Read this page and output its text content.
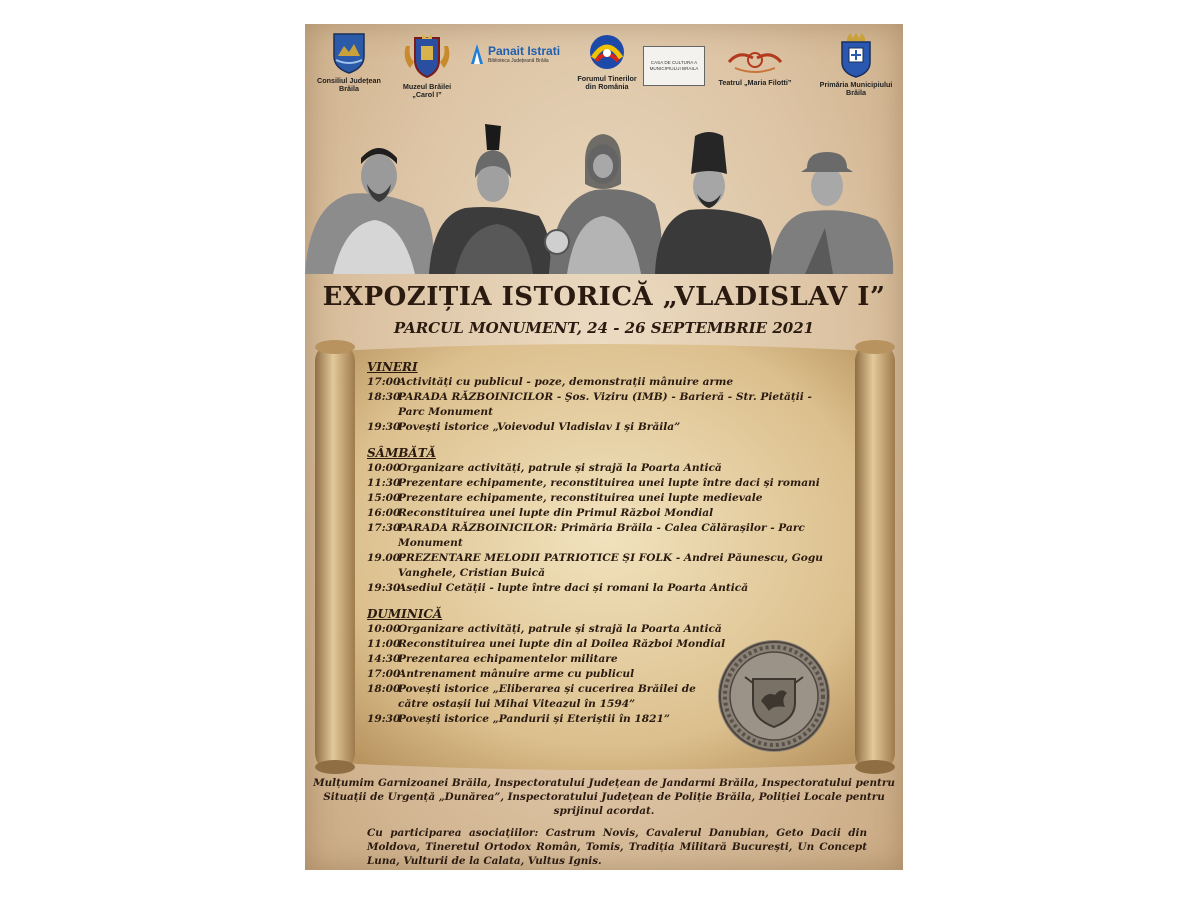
Consiliul Județean
Brăila	Muzeul Brăilei
„Carol I”
Panait Istrati
Biblioteca Județeană Brăila
Forumul Tinerilor
din România
CASA DE CULTURA A MUNICIPIULUI BRAILA
Teatrul „Maria Filotti”	Primăria Municipiului
Brăila
EXPOZIȚIA ISTORICĂ „VLADISLAV I”
PARCUL MONUMENT, 24 - 26 SEPTEMBRIE 2021
VINERI
17:00
Activități cu publicul - poze, demonstrații mânuire arme
18:30
PARADA RĂZBOINICILOR - Şos. Viziru (IMB) - Barieră - Str. Pietății - Parc Monument
19:30
Povești istorice „Voievodul Vladislav I și Brăila”
SÂMBĂTĂ
10:00
Organizare activități, patrule și strajă la Poarta Antică
11:30
Prezentare echipamente, reconstituirea unei lupte între daci și romani
15:00
Prezentare echipamente, reconstituirea unei lupte medievale
16:00
Reconstituirea unei lupte din Primul Război Mondial
17:30
PARADA RĂZBOINICILOR: Primăria Brăila - Calea Călărașilor - Parc Monument
19.00
PREZENTARE MELODII PATRIOTICE ȘI FOLK - Andrei Păunescu, Gogu Vanghele, Cristian Buică
19:30
Asediul Cetății - lupte între daci și romani la Poarta Antică
DUMINICĂ
10:00
Organizare activități, patrule și strajă la Poarta Antică
11:00
Reconstituirea unei lupte din al Doilea Război Mondial
14:30
Prezentarea echipamentelor militare
17:00
Antrenament mânuire arme cu publicul
18:00
Povești istorice „Eliberarea și cucerirea Brăilei de către ostașii lui Mihai Viteazul în 1594”
19:30
Povești istorice „Pandurii și Eteriștii în 1821”
Mulțumim Garnizoanei Brăila, Inspectoratului Județean de Jandarmi Brăila, Inspectoratului pentru Situații de Urgență „Dunărea”, Inspectoratului Județean de Poliție Brăila, Poliției Locale pentru sprijinul acordat.
Cu participarea asociațiilor: Castrum Novis, Cavalerul Danubian, Geto Dacii din Moldova, Tineretul Ortodox Român, Tomis, Tradiția Militară București, Un Concept Luna, Vulturii de la Calata, Vultus Ignis.
